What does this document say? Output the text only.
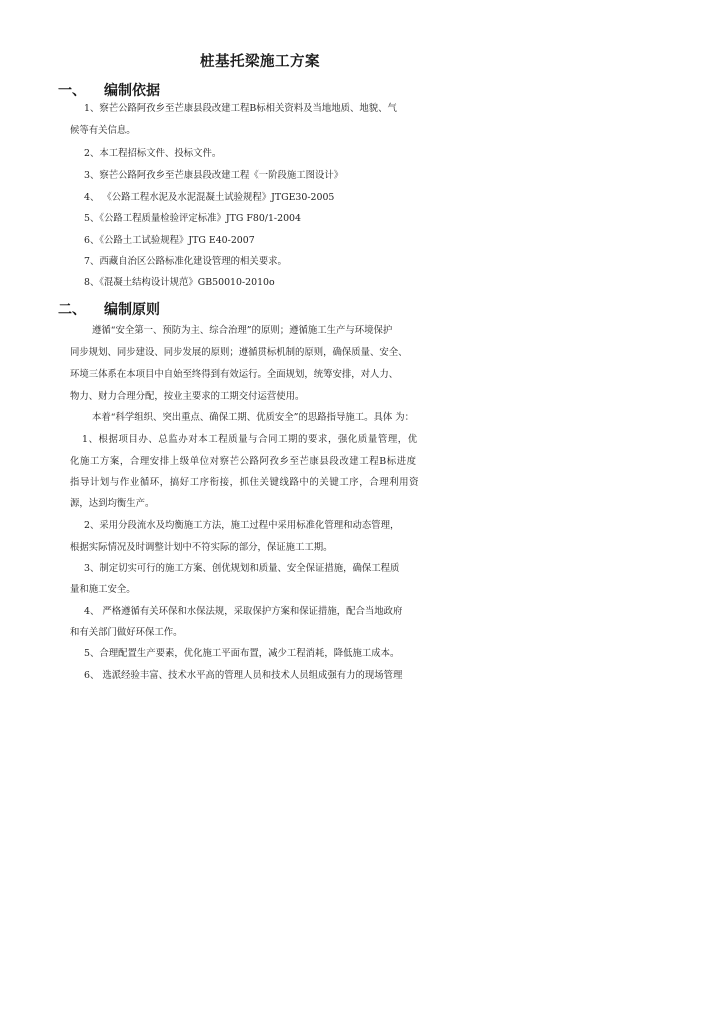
桩基托梁施工方案
一、 编制依据
1、察芒公路阿孜乡至芒康县段改建工程B标相关资料及当地地质、地貌、气
候等有关信息。
2、本工程招标文件、投标文件。
3、察芒公路阿孜乡至芒康县段改建工程《一阶段施工图设计》
4、 《公路工程水泥及水泥混凝土试验规程》JTGE30-2005
5、《公路工程质量检验评定标准》JTG F80/1-2004
6、《公路土工试验规程》JTG E40-2007
7、西藏自治区公路标准化建设管理的相关要求。
8、《混凝土结构设计规范》GB50010-2010o
二、 编制原则
遵循“安全第一、预防为主、综合治理”的原则；遵循施工生产与环境保护
同步规划、同步建设、同步发展的原则；遵循贯标机制的原则，确保质量、安全、
环境三体系在本项目中自始至终得到有效运行。全面规划，统筹安排，对人力、
物力、财力合理分配，按业主要求的工期交付运营使用。
本着“科学组织、突出重点、确保工期、优质安全”的思路指导施工。具体 为：
1、根据项目办、总监办对本工程质量与合同工期的要求，强化质量管理，优
化施工方案，合理安排上级单位对察芒公路阿孜乡至芒康县段改建工程B标进度
指导计划与作业循环，搞好工序衔接，抓住关键线路中的关键工序，合理利用资
源，达到均衡生产。
2、采用分段流水及均衡施工方法，施工过程中采用标准化管理和动态管理，
根据实际情况及时调整计划中不符实际的部分，保证施工工期。
3、制定切实可行的施工方案、创优规划和质量、安全保证措施，确保工程质
量和施工安全。
4、 严格遵循有关环保和水保法规，采取保护方案和保证措施，配合当地政府
和有关部门做好环保工作。
5、合理配置生产要素，优化施工平面布置，减少工程消耗，降低施工成本。
6、 选派经验丰富、技术水平高的管理人员和技术人员组成强有力的现场管理
